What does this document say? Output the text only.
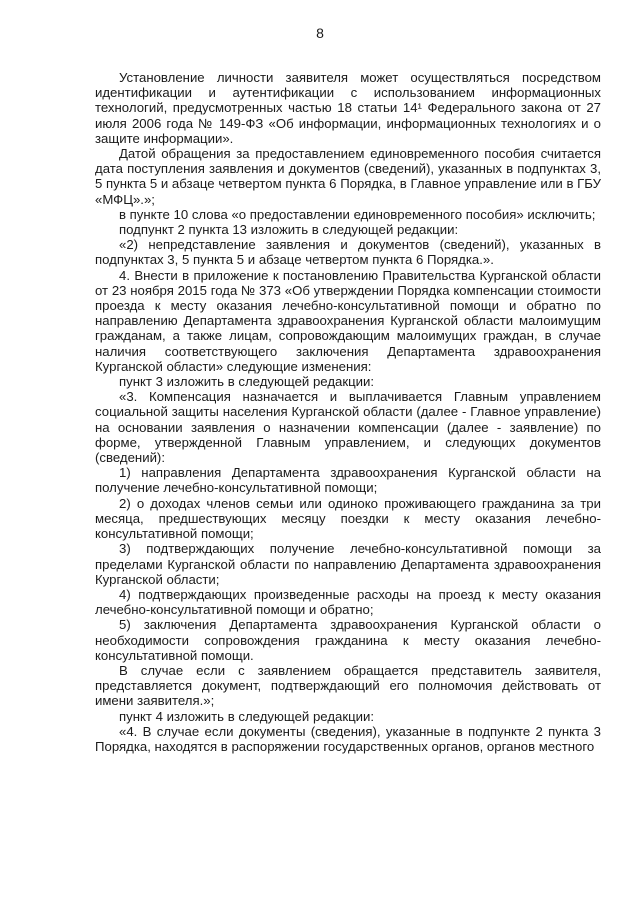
8

Установление личности заявителя может осуществляться посредством идентификации и аутентификации с использованием информационных технологий, предусмотренных частью 18 статьи 14¹ Федерального закона от 27 июля 2006 года № 149-ФЗ «Об информации, информационных технологиях и о защите информации».

Датой обращения за предоставлением единовременного пособия считается дата поступления заявления и документов (сведений), указанных в подпунктах 3, 5 пункта 5 и абзаце четвертом пункта 6 Порядка, в Главное управление или в ГБУ «МФЦ».»;

в пункте 10 слова «о предоставлении единовременного пособия» исключить;

подпункт 2 пункта 13 изложить в следующей редакции:

«2) непредставление заявления и документов (сведений), указанных в подпунктах 3, 5 пункта 5 и абзаце четвертом пункта 6 Порядка.».

4. Внести в приложение к постановлению Правительства Курганской области от 23 ноября 2015 года № 373 «Об утверждении Порядка компенсации стоимости проезда к месту оказания лечебно-консультативной помощи и обратно по направлению Департамента здравоохранения Курганской области малоимущим гражданам, а также лицам, сопровождающим малоимущих граждан, в случае наличия соответствующего заключения Департамента здравоохранения Курганской области» следующие изменения:

пункт 3 изложить в следующей редакции:

«3. Компенсация назначается и выплачивается Главным управлением социальной защиты населения Курганской области (далее - Главное управление) на основании заявления о назначении компенсации (далее - заявление) по форме, утвержденной Главным управлением, и следующих документов (сведений):

1) направления Департамента здравоохранения Курганской области на получение лечебно-консультативной помощи;

2) о доходах членов семьи или одиноко проживающего гражданина за три месяца, предшествующих месяцу поездки к месту оказания лечебно-консультативной помощи;

3) подтверждающих получение лечебно-консультативной помощи за пределами Курганской области по направлению Департамента здравоохранения Курганской области;

4) подтверждающих произведенные расходы на проезд к месту оказания лечебно-консультативной помощи и обратно;

5) заключения Департамента здравоохранения Курганской области о необходимости сопровождения гражданина к месту оказания лечебно-консультативной помощи.

В случае если с заявлением обращается представитель заявителя, представляется документ, подтверждающий его полномочия действовать от имени заявителя.»;

пункт 4 изложить в следующей редакции:

«4. В случае если документы (сведения), указанные в подпункте 2 пункта 3 Порядка, находятся в распоряжении государственных органов, органов местного
